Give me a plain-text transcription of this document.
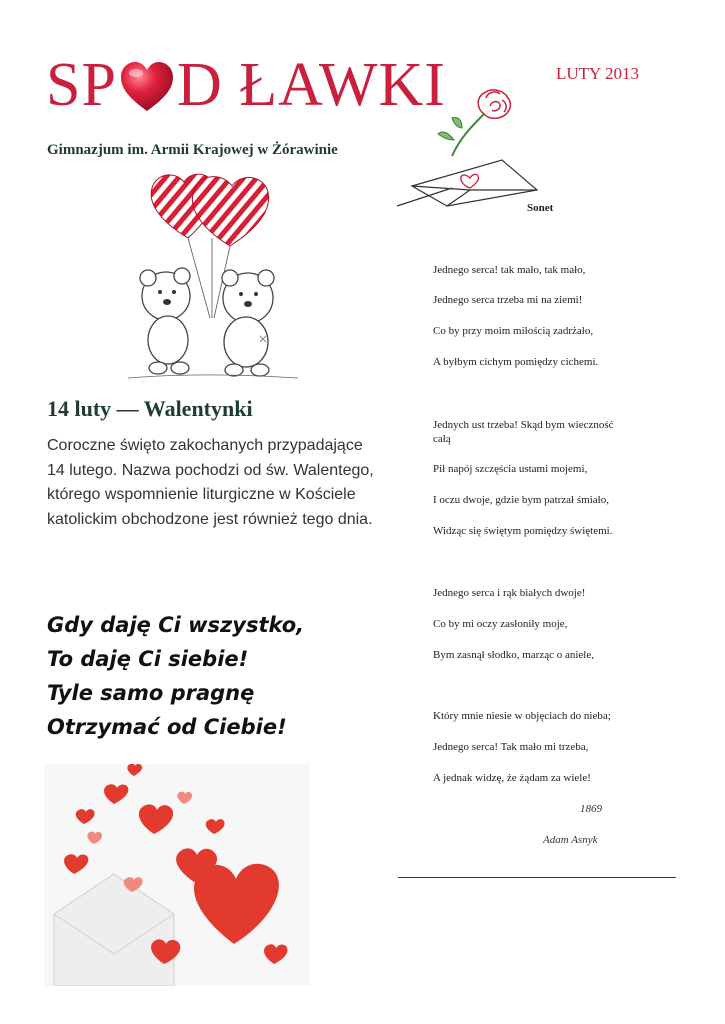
SP D ŁAWKI	LUTY 2013
Gimnazjum im. Armii Krajowej w Żórawinie
Sonet
14 luty — Walentynki
Coroczne święto zakochanych przypadające 14 lutego. Nazwa pochodzi od św. Walentego, którego wspomnienie liturgiczne w Kościele katolickim obchodzone jest również tego dnia.
Gdy daję Ci wszystko,
To daję Ci siebie!
Tyle samo pragnę
Otrzymać od Ciebie!
Jednego serca! tak mało, tak mało,
Jednego serca trzeba mi na ziemi!
Co by przy moim miłością zadrżało,
A byłbym cichym pomiędzy cichemi.
Jednych ust trzeba! Skąd bym wieczność całą
Pił napój szczęścia ustami mojemi,
I oczu dwoje, gdzie bym patrzał śmiało,
Widząc się świętym pomiędzy świętemi.
Jednego serca i rąk białych dwoje!
Co by mi oczy zasłoniły moje,
Bym zasnął słodko, marząc o aniele,
Który mnie niesie w objęciach do nieba;
Jednego serca! Tak mało mi trzeba,
A jednak widzę, że żądam za wiele!
1869
Adam Asnyk
